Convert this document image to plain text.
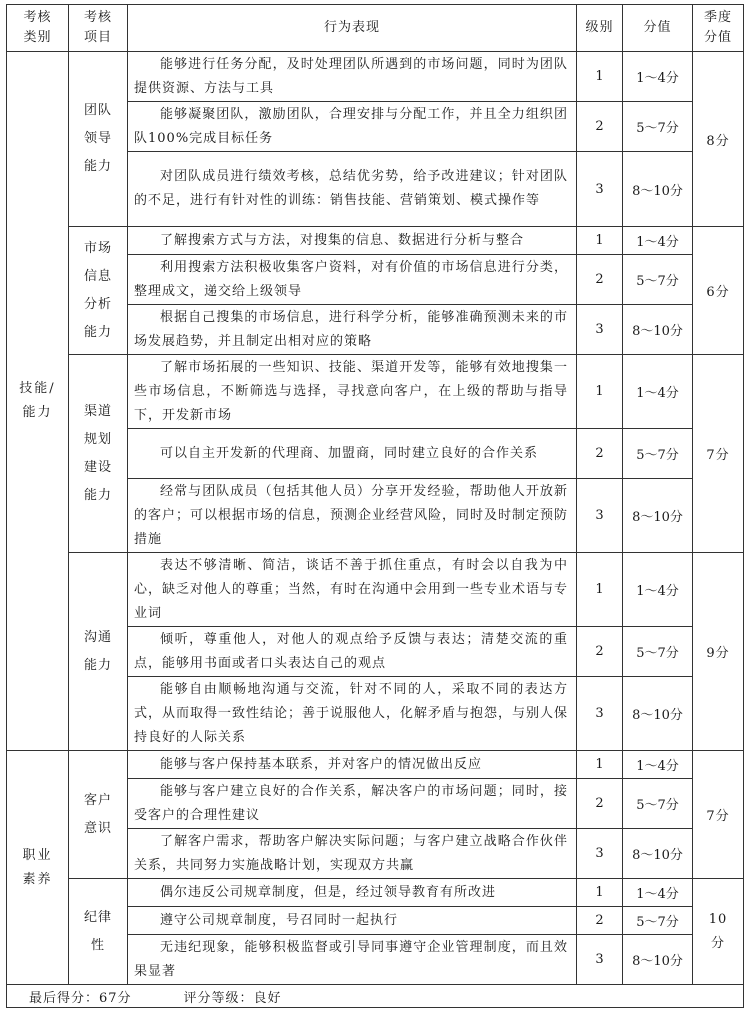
考核类别	考核项目	行为表现	级别	分值	季度分值
技能/能力	团队领导能力	能够进行任务分配，及时处理团队所遇到的市场问题，同时为团队提供资源、方法与工具	1	1～4分	8分
		能够凝聚团队，激励团队，合理安排与分配工作，并且全力组织团队100%完成目标任务	2	5～7分	
		对团队成员进行绩效考核，总结优劣势，给予改进建议；针对团队的不足，进行有针对性的训练：销售技能、营销策划、模式操作等	3	8～10分	
	市场信息分析能力	了解搜索方式与方法，对搜集的信息、数据进行分析与整合	1	1～4分	6分
		利用搜索方法积极收集客户资料，对有价值的市场信息进行分类，整理成文，递交给上级领导	2	5～7分	
		根据自己搜集的市场信息，进行科学分析，能够准确预测未来的市场发展趋势，并且制定出相对应的策略	3	8～10分	
	渠道规划建设能力	了解市场拓展的一些知识、技能、渠道开发等，能够有效地搜集一些市场信息，不断筛选与选择，寻找意向客户，在上级的帮助与指导下，开发新市场	1	1～4分	7分
		可以自主开发新的代理商、加盟商，同时建立良好的合作关系	2	5～7分	
		经常与团队成员（包括其他人员）分享开发经验，帮助他人开放新的客户；可以根据市场的信息，预测企业经营风险，同时及时制定预防措施	3	8～10分	
	沟通能力	表达不够清晰、简洁，谈话不善于抓住重点，有时会以自我为中心，缺乏对他人的尊重；当然，有时在沟通中会用到一些专业术语与专业词	1	1～4分	9分
		倾听，尊重他人，对他人的观点给予反馈与表达；清楚交流的重点，能够用书面或者口头表达自己的观点	2	5～7分	
		能够自由顺畅地沟通与交流，针对不同的人，采取不同的表达方式，从而取得一致性结论；善于说服他人，化解矛盾与抱怨，与别人保持良好的人际关系	3	8～10分	
职业素养	客户意识	能够与客户保持基本联系，并对客户的情况做出反应	1	1～4分	7分
		能够与客户建立良好的合作关系，解决客户的市场问题；同时，接受客户的合理性建议	2	5～7分	
		了解客户需求，帮助客户解决实际问题；与客户建立战略合作伙伴关系，共同努力实施战略计划，实现双方共赢	3	8～10分	
	纪律性	偶尔违反公司规章制度，但是，经过领导教育有所改进	1	1～4分	10分
		遵守公司规章制度，号召同时一起执行	2	5～7分	
		无违纪现象，能够积极监督或引导同事遵守企业管理制度，而且效果显著	3	8～10分	
最后得分：67分 评分等级：良好					
